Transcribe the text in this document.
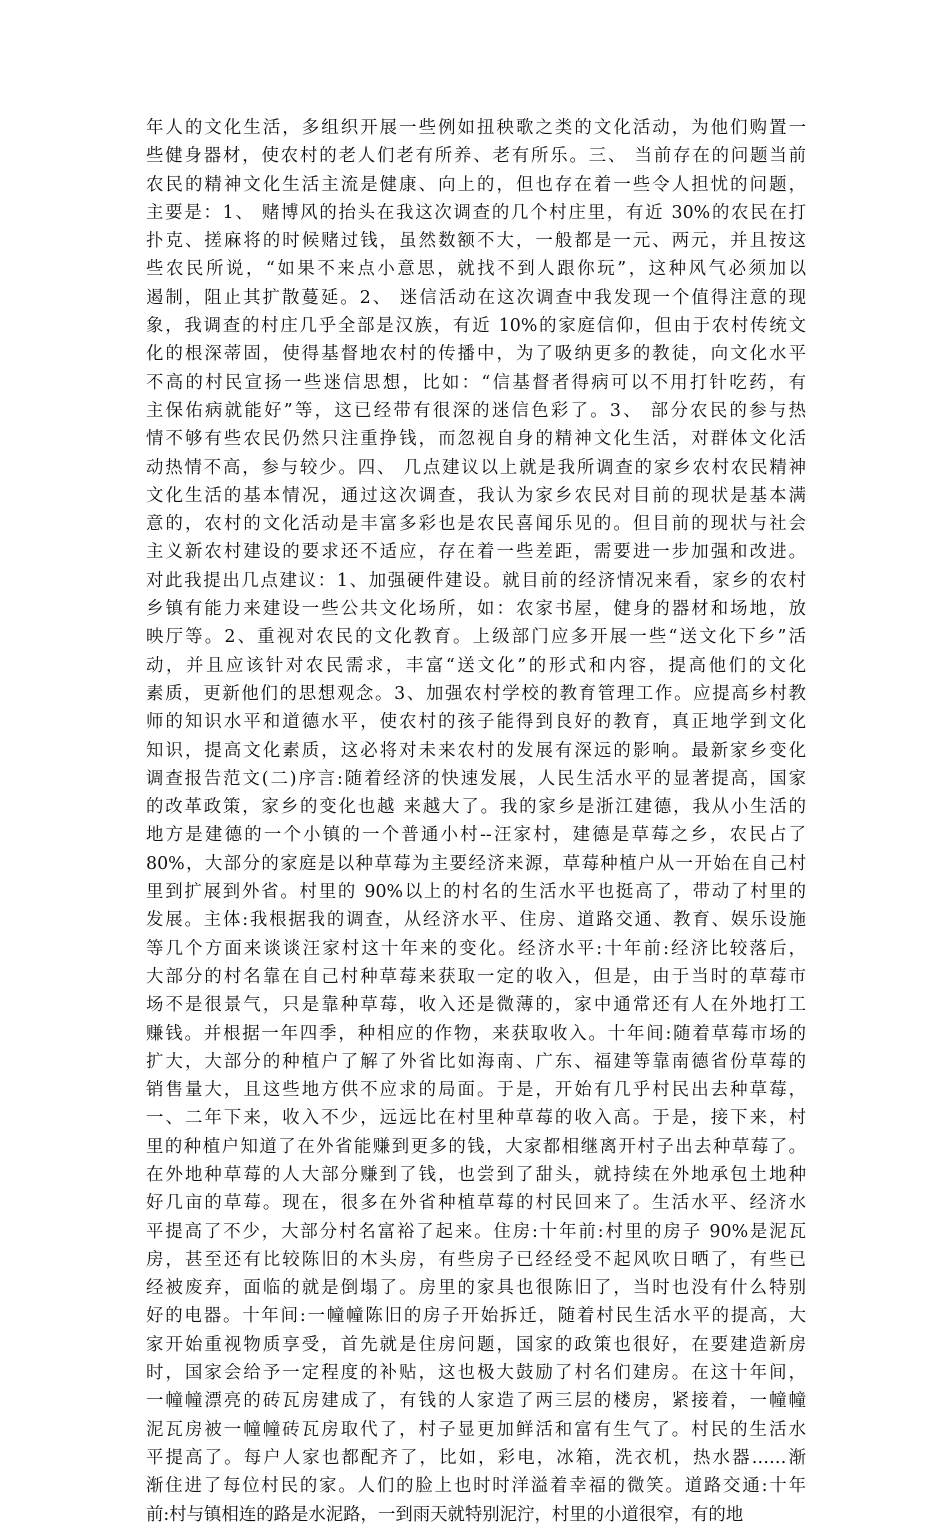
年人的文化生活，多组织开展一些例如扭秧歌之类的文化活动，为他们购置一
些健身器材，使农村的老人们老有所养、老有所乐。三、 当前存在的问题当前
农民的精神文化生活主流是健康、向上的，但也存在着一些令人担忧的问题，
主要是：1、 赌博风的抬头在我这次调查的几个村庄里，有近 30%的农民在打
扑克、搓麻将的时候赌过钱，虽然数额不大，一般都是一元、两元，并且按这
些农民所说，“如果不来点小意思，就找不到人跟你玩”，这种风气必须加以
遏制，阻止其扩散蔓延。2、 迷信活动在这次调查中我发现一个值得注意的现
象，我调查的村庄几乎全部是汉族，有近 10%的家庭信仰，但由于农村传统文
化的根深蒂固，使得基督地农村的传播中，为了吸纳更多的教徒，向文化水平
不高的村民宣扬一些迷信思想，比如：“信基督者得病可以不用打针吃药，有
主保佑病就能好”等，这已经带有很深的迷信色彩了。3、 部分农民的参与热
情不够有些农民仍然只注重挣钱，而忽视自身的精神文化生活，对群体文化活
动热情不高，参与较少。四、 几点建议以上就是我所调查的家乡农村农民精神
文化生活的基本情况，通过这次调查，我认为家乡农民对目前的现状是基本满
意的，农村的文化活动是丰富多彩也是农民喜闻乐见的。但目前的现状与社会
主义新农村建设的要求还不适应，存在着一些差距，需要进一步加强和改进。
对此我提出几点建议：1、加强硬件建设。就目前的经济情况来看，家乡的农村
乡镇有能力来建设一些公共文化场所，如：农家书屋，健身的器材和场地，放
映厅等。2、重视对农民的文化教育。上级部门应多开展一些“送文化下乡”活
动，并且应该针对农民需求，丰富“送文化”的形式和内容，提高他们的文化
素质，更新他们的思想观念。3、加强农村学校的教育管理工作。应提高乡村教
师的知识水平和道德水平，使农村的孩子能得到良好的教育，真正地学到文化
知识，提高文化素质，这必将对未来农村的发展有深远的影响。最新家乡变化
调查报告范文(二)序言:随着经济的快速发展，人民生活水平的显著提高，国家
的改革政策，家乡的变化也越 来越大了。我的家乡是浙江建德，我从小生活的
地方是建德的一个小镇的一个普通小村--汪家村，建德是草莓之乡，农民占了
80%，大部分的家庭是以种草莓为主要经济来源，草莓种植户从一开始在自己村
里到扩展到外省。村里的 90%以上的村名的生活水平也挺高了，带动了村里的
发展。主体:我根据我的调查，从经济水平、住房、道路交通、教育、娱乐设施
等几个方面来谈谈汪家村这十年来的变化。经济水平:十年前:经济比较落后，
大部分的村名靠在自己村种草莓来获取一定的收入，但是，由于当时的草莓市
场不是很景气，只是靠种草莓，收入还是微薄的，家中通常还有人在外地打工
赚钱。并根据一年四季，种相应的作物，来获取收入。十年间:随着草莓市场的
扩大，大部分的种植户了解了外省比如海南、广东、福建等靠南德省份草莓的
销售量大，且这些地方供不应求的局面。于是，开始有几乎村民出去种草莓，
一、二年下来，收入不少，远远比在村里种草莓的收入高。于是，接下来，村
里的种植户知道了在外省能赚到更多的钱，大家都相继离开村子出去种草莓了。
在外地种草莓的人大部分赚到了钱，也尝到了甜头，就持续在外地承包土地种
好几亩的草莓。现在，很多在外省种植草莓的村民回来了。生活水平、经济水
平提高了不少，大部分村名富裕了起来。住房:十年前:村里的房子 90%是泥瓦
房，甚至还有比较陈旧的木头房，有些房子已经经受不起风吹日晒了，有些已
经被废弃，面临的就是倒塌了。房里的家具也很陈旧了，当时也没有什么特别
好的电器。十年间:一幢幢陈旧的房子开始拆迁，随着村民生活水平的提高，大
家开始重视物质享受，首先就是住房问题，国家的政策也很好，在要建造新房
时，国家会给予一定程度的补贴，这也极大鼓励了村名们建房。在这十年间，
一幢幢漂亮的砖瓦房建成了，有钱的人家造了两三层的楼房，紧接着，一幢幢
泥瓦房被一幢幢砖瓦房取代了，村子显更加鲜活和富有生气了。村民的生活水
平提高了。每户人家也都配齐了，比如，彩电，冰箱，洗衣机，热水器……渐
渐住进了每位村民的家。人们的脸上也时时洋溢着幸福的微笑。道路交通:十年
前:村与镇相连的路是水泥路，一到雨天就特别泥泞，村里的小道很窄，有的地
